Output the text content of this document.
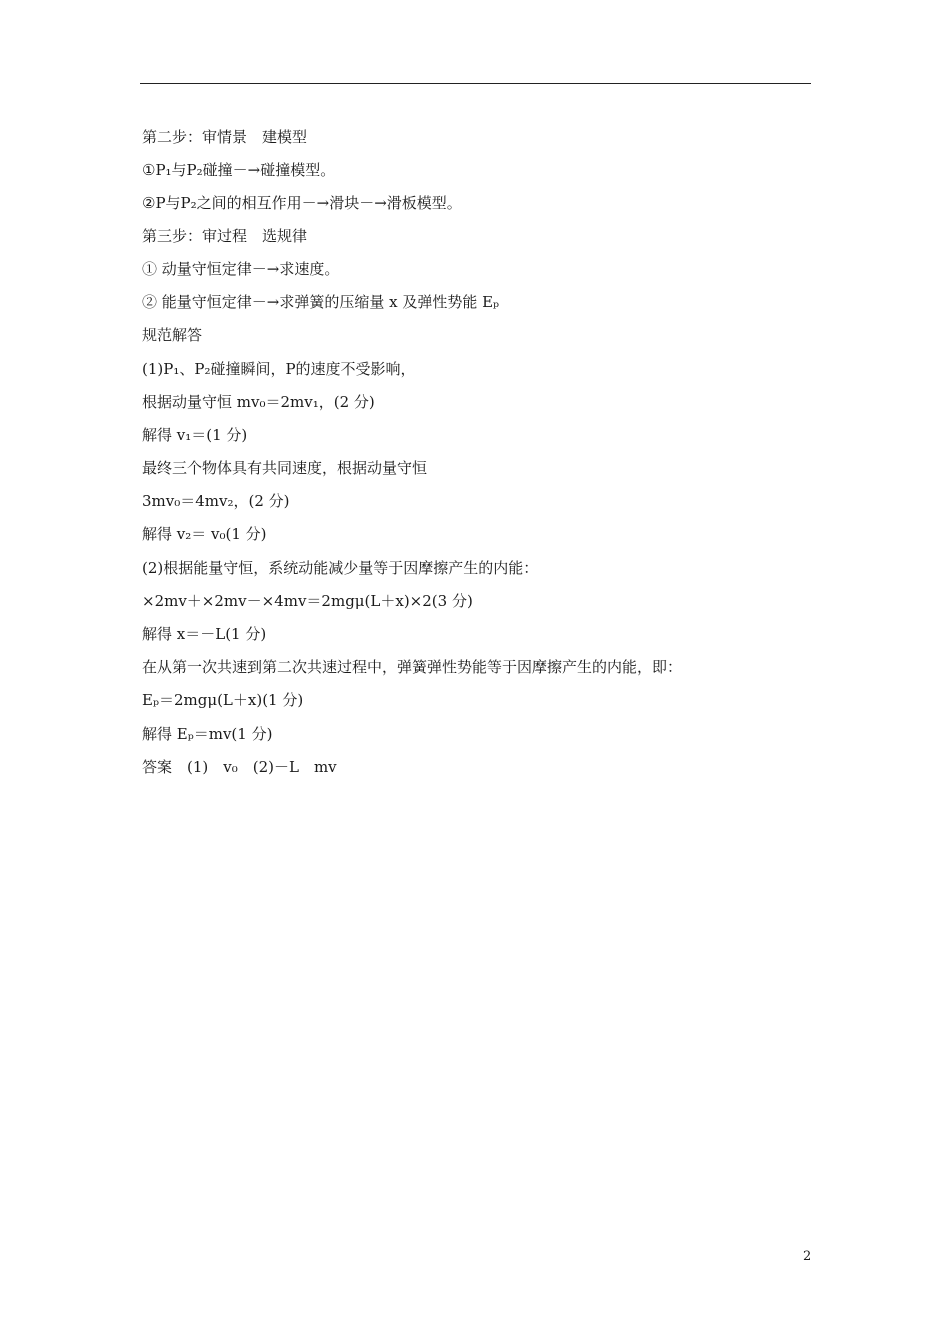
第二步：审情景　建模型
①P₁与P₂碰撞－→碰撞模型。
②P与P₂之间的相互作用－→滑块－→滑板模型。
第三步：审过程　选规律
① 动量守恒定律－→求速度。
② 能量守恒定律－→求弹簧的压缩量 x 及弹性势能 Eₚ
规范解答
(1)P₁、P₂碰撞瞬间，P的速度不受影响，
根据动量守恒 mv₀＝2mv₁，(2 分)
解得 v₁＝(1 分)
最终三个物体具有共同速度，根据动量守恒
3mv₀＝4mv₂，(2 分)
解得 v₂＝ v₀(1 分)
(2)根据能量守恒，系统动能减少量等于因摩擦产生的内能：
×2mv＋×2mv－×4mv＝2mgμ(L＋x)×2(3 分)
解得 x＝－L(1 分)
在从第一次共速到第二次共速过程中，弹簧弹性势能等于因摩擦产生的内能，即：
Eₚ＝2mgμ(L＋x)(1 分)
解得 Eₚ＝mv(1 分)
答案　(1)　v₀　(2)－L　mv
2
